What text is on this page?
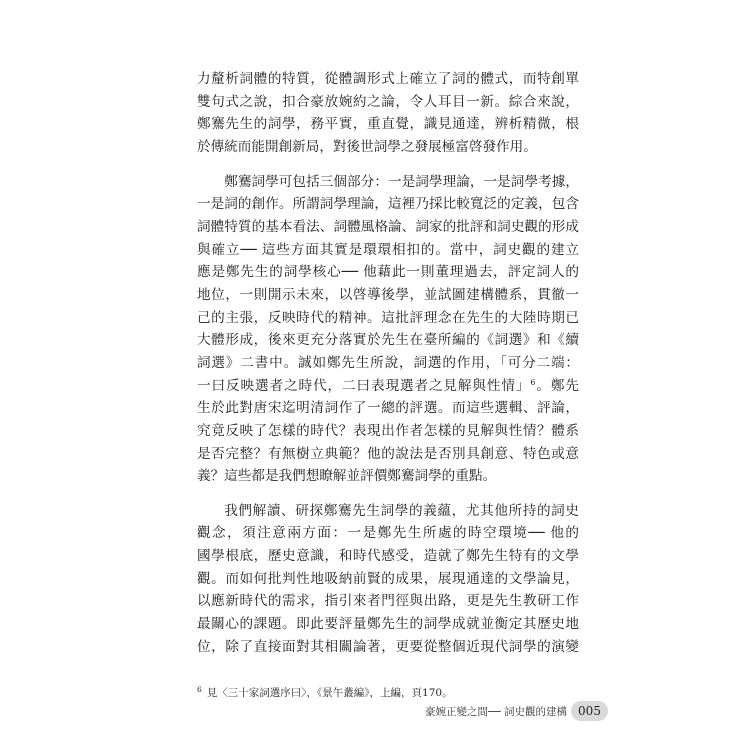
力釐析詞體的特質，從體調形式上確立了詞的體式，而特創單
雙句式之說，扣合豪放婉約之論，令人耳目一新。綜合來說，
鄭騫先生的詞學，務平實，重直覺，識見通達，辨析精微，根
於傳統而能開創新局，對後世詞學之發展極富啓發作用。
鄭騫詞學可包括三個部分：一是詞學理論，一是詞學考據，
一是詞的創作。所謂詞學理論，這裡乃採比較寬泛的定義，包含
詞體特質的基本看法、詞體風格論、詞家的批評和詞史觀的形成
與確立── 這些方面其實是環環相扣的。當中，詞史觀的建立
應是鄭先生的詞學核心── 他藉此一則董理過去，評定詞人的
地位，一則開示未來，以啓導後學，並試圖建構體系，貫徹一
己的主張，反映時代的精神。這批評理念在先生的大陸時期已
大體形成，後來更充分落實於先生在臺所編的《詞選》和《續
詞選》二書中。誠如鄭先生所說，詞選的作用，「可分二端：
一曰反映選者之時代，二曰表現選者之見解與性情」$^6$。鄭先
生於此對唐宋迄明清詞作了一總的評選。而這些選輯、評論，
究竟反映了怎樣的時代？表現出作者怎樣的見解與性情？體系
是否完整？有無樹立典範？他的說法是否別具創意、特色或意
義？這些都是我們想瞭解並評價鄭騫詞學的重點。
我們解讀、研探鄭騫先生詞學的義蘊，尤其他所持的詞史
觀念，須注意兩方面：一是鄭先生所處的時空環境── 他的
國學根底，歷史意識，和時代感受，造就了鄭先生特有的文學
觀。而如何批判性地吸納前賢的成果，展現通達的文學論見，
以應新時代的需求，指引來者門徑與出路，更是先生教研工作
最關心的課題。即此要評量鄭先生的詞學成就並衡定其歷史地
位，除了直接面對其相關論著，更要從整個近現代詞學的演變
$^6$ 見〈三十家詞選序曰〉，《景午叢編》，上編，頁170。
豪婉正變之間── 詞史觀的建構 005
